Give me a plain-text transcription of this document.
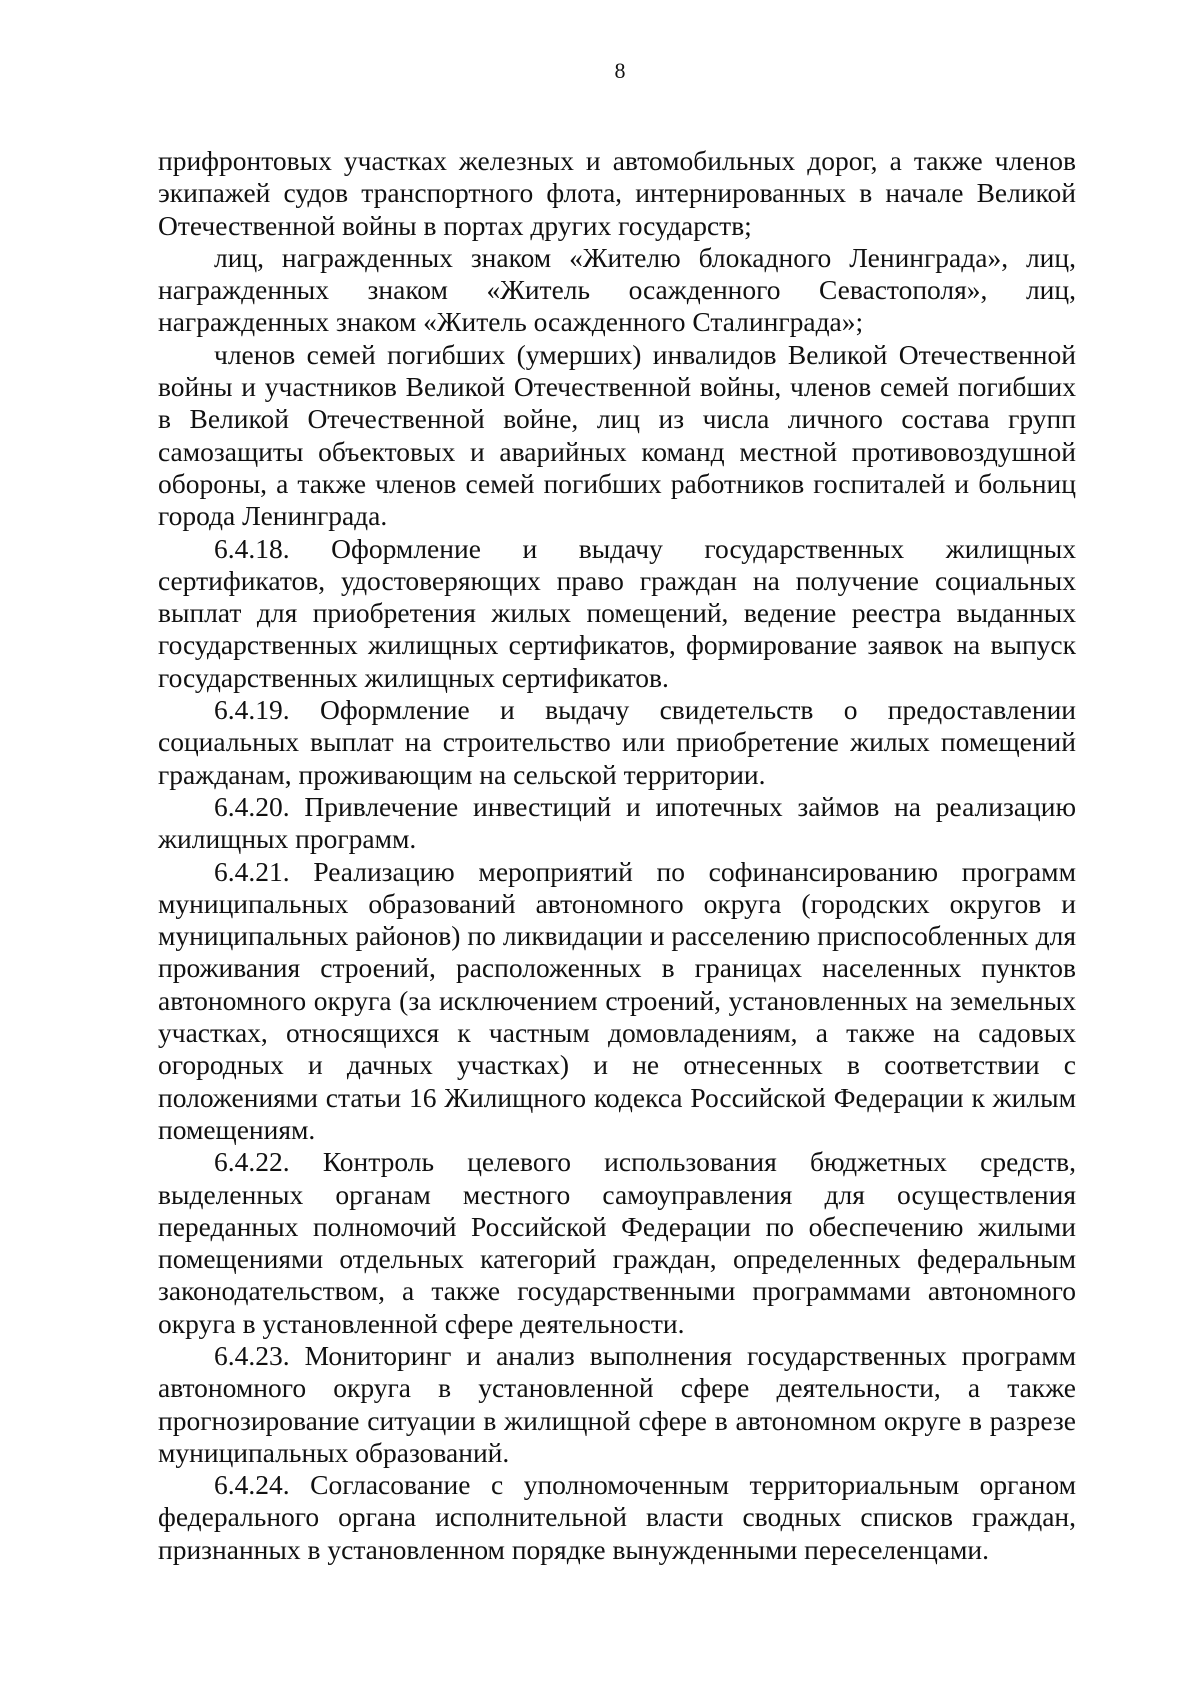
8

прифронтовых участках железных и автомобильных дорог, а также членов экипажей судов транспортного флота, интернированных в начале Великой Отечественной войны в портах других государств;

лиц, награжденных знаком «Жителю блокадного Ленинграда», лиц, награжденных знаком «Житель осажденного Севастополя», лиц, награжденных знаком «Житель осажденного Сталинграда»;

членов семей погибших (умерших) инвалидов Великой Отечественной войны и участников Великой Отечественной войны, членов семей погибших в Великой Отечественной войне, лиц из числа личного состава групп самозащиты объектовых и аварийных команд местной противовоздушной обороны, а также членов семей погибших работников госпиталей и больниц города Ленинграда.

6.4.18. Оформление и выдачу государственных жилищных сертификатов, удостоверяющих право граждан на получение социальных выплат для приобретения жилых помещений, ведение реестра выданных государственных жилищных сертификатов, формирование заявок на выпуск государственных жилищных сертификатов.

6.4.19. Оформление и выдачу свидетельств о предоставлении социальных выплат на строительство или приобретение жилых помещений гражданам, проживающим на сельской территории.

6.4.20. Привлечение инвестиций и ипотечных займов на реализацию жилищных программ.

6.4.21. Реализацию мероприятий по софинансированию программ муниципальных образований автономного округа (городских округов и муниципальных районов) по ликвидации и расселению приспособленных для проживания строений, расположенных в границах населенных пунктов автономного округа (за исключением строений, установленных на земельных участках, относящихся к частным домовладениям, а также на садовых огородных и дачных участках) и не отнесенных в соответствии с положениями статьи 16 Жилищного кодекса Российской Федерации к жилым помещениям.

6.4.22. Контроль целевого использования бюджетных средств, выделенных органам местного самоуправления для осуществления переданных полномочий Российской Федерации по обеспечению жилыми помещениями отдельных категорий граждан, определенных федеральным законодательством, а также государственными программами автономного округа в установленной сфере деятельности.

6.4.23. Мониторинг и анализ выполнения государственных программ автономного округа в установленной сфере деятельности, а также прогнозирование ситуации в жилищной сфере в автономном округе в разрезе муниципальных образований.

6.4.24. Согласование с уполномоченным территориальным органом федерального органа исполнительной власти сводных списков граждан, признанных в установленном порядке вынужденными переселенцами.
